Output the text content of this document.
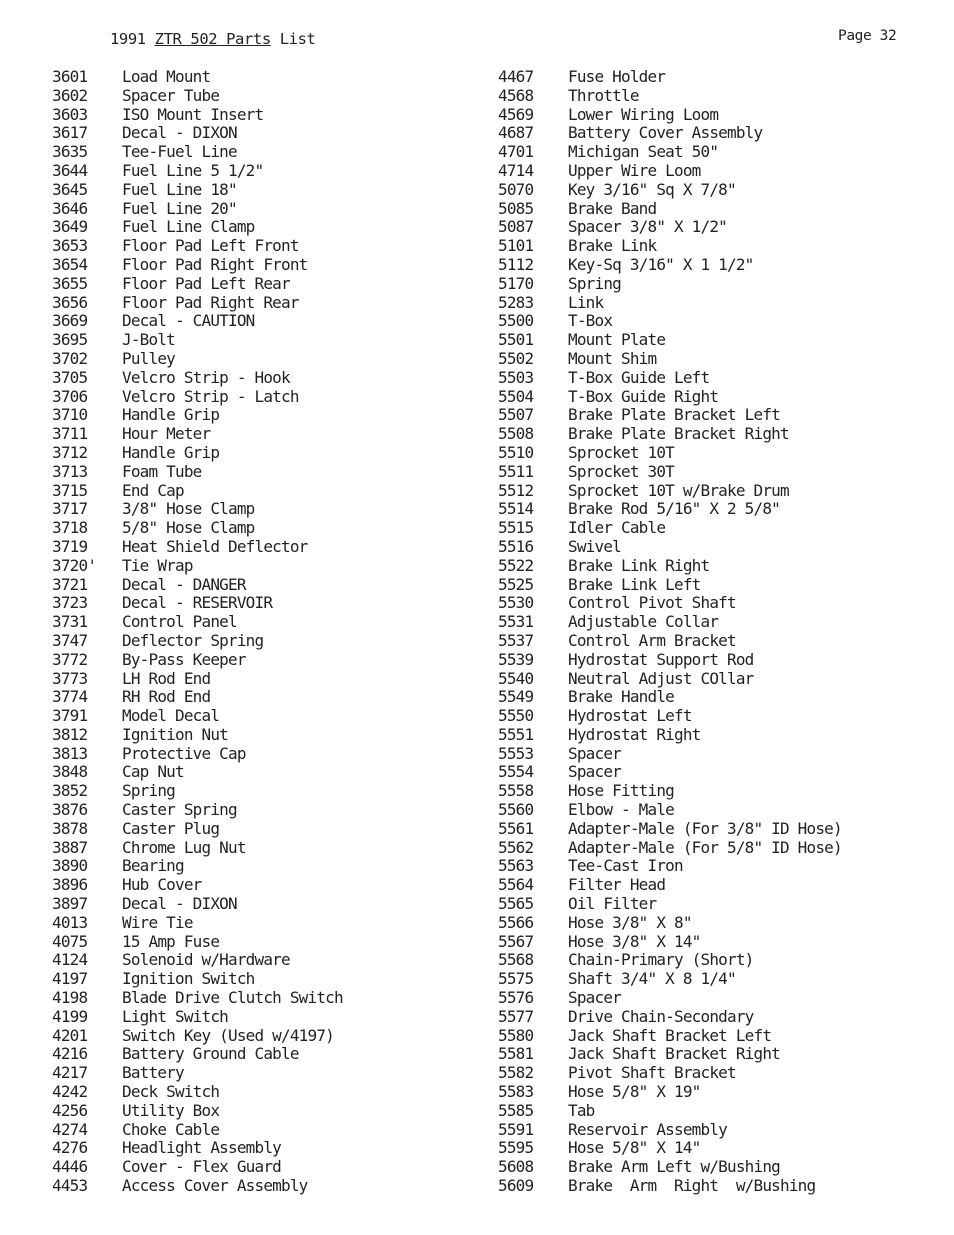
1991 ZTR 502 Parts List	Page 32
3601 Load Mount
3602 Spacer Tube
3603 ISO Mount Insert
3617 Decal - DIXON
3635 Tee-Fuel Line
3644 Fuel Line 5 1/2"
3645 Fuel Line 18"
3646 Fuel Line 20"
3649 Fuel Line Clamp
3653 Floor Pad Left Front
3654 Floor Pad Right Front
3655 Floor Pad Left Rear
3656 Floor Pad Right Rear
3669 Decal - CAUTION
3695 J-Bolt
3702 Pulley
3705 Velcro Strip - Hook
3706 Velcro Strip - Latch
3710 Handle Grip
3711 Hour Meter
3712 Handle Grip
3713 Foam Tube
3715 End Cap
3717 3/8" Hose Clamp
3718 5/8" Hose Clamp
3719 Heat Shield Deflector
3720' Tie Wrap
3721 Decal - DANGER
3723 Decal - RESERVOIR
3731 Control Panel
3747 Deflector Spring
3772 By-Pass Keeper
3773 LH Rod End
3774 RH Rod End
3791 Model Decal
3812 Ignition Nut
3813 Protective Cap
3848 Cap Nut
3852 Spring
3876 Caster Spring
3878 Caster Plug
3887 Chrome Lug Nut
3890 Bearing
3896 Hub Cover
3897 Decal - DIXON
4013 Wire Tie
4075 15 Amp Fuse
4124 Solenoid w/Hardware
4197 Ignition Switch
4198 Blade Drive Clutch Switch
4199 Light Switch
4201 Switch Key (Used w/4197)
4216 Battery Ground Cable
4217 Battery
4242 Deck Switch
4256 Utility Box
4274 Choke Cable
4276 Headlight Assembly
4446 Cover - Flex Guard
4453 Access Cover Assembly
4467 Fuse Holder
4568 Throttle
4569 Lower Wiring Loom
4687 Battery Cover Assembly
4701 Michigan Seat 50"
4714 Upper Wire Loom
5070 Key 3/16" Sq X 7/8"
5085 Brake Band
5087 Spacer 3/8" X 1/2"
5101 Brake Link
5112 Key-Sq 3/16" X 1 1/2"
5170 Spring
5283 Link
5500 T-Box
5501 Mount Plate
5502 Mount Shim
5503 T-Box Guide Left
5504 T-Box Guide Right
5507 Brake Plate Bracket Left
5508 Brake Plate Bracket Right
5510 Sprocket 10T
5511 Sprocket 30T
5512 Sprocket 10T w/Brake Drum
5514 Brake Rod 5/16" X 2 5/8"
5515 Idler Cable
5516 Swivel
5522 Brake Link Right
5525 Brake Link Left
5530 Control Pivot Shaft
5531 Adjustable Collar
5537 Control Arm Bracket
5539 Hydrostat Support Rod
5540 Neutral Adjust COllar
5549 Brake Handle
5550 Hydrostat Left
5551 Hydrostat Right
5553 Spacer
5554 Spacer
5558 Hose Fitting
5560 Elbow - Male
5561 Adapter-Male (For 3/8" ID Hose)
5562 Adapter-Male (For 5/8" ID Hose)
5563 Tee-Cast Iron
5564 Filter Head
5565 Oil Filter
5566 Hose 3/8" X 8"
5567 Hose 3/8" X 14"
5568 Chain-Primary (Short)
5575 Shaft 3/4" X 8 1/4"
5576 Spacer
5577 Drive Chain-Secondary
5580 Jack Shaft Bracket Left
5581 Jack Shaft Bracket Right
5582 Pivot Shaft Bracket
5583 Hose 5/8" X 19"
5585 Tab
5591 Reservoir Assembly
5595 Hose 5/8" X 14"
5608 Brake Arm Left w/Bushing
5609 Brake  Arm  Right  w/Bushing
